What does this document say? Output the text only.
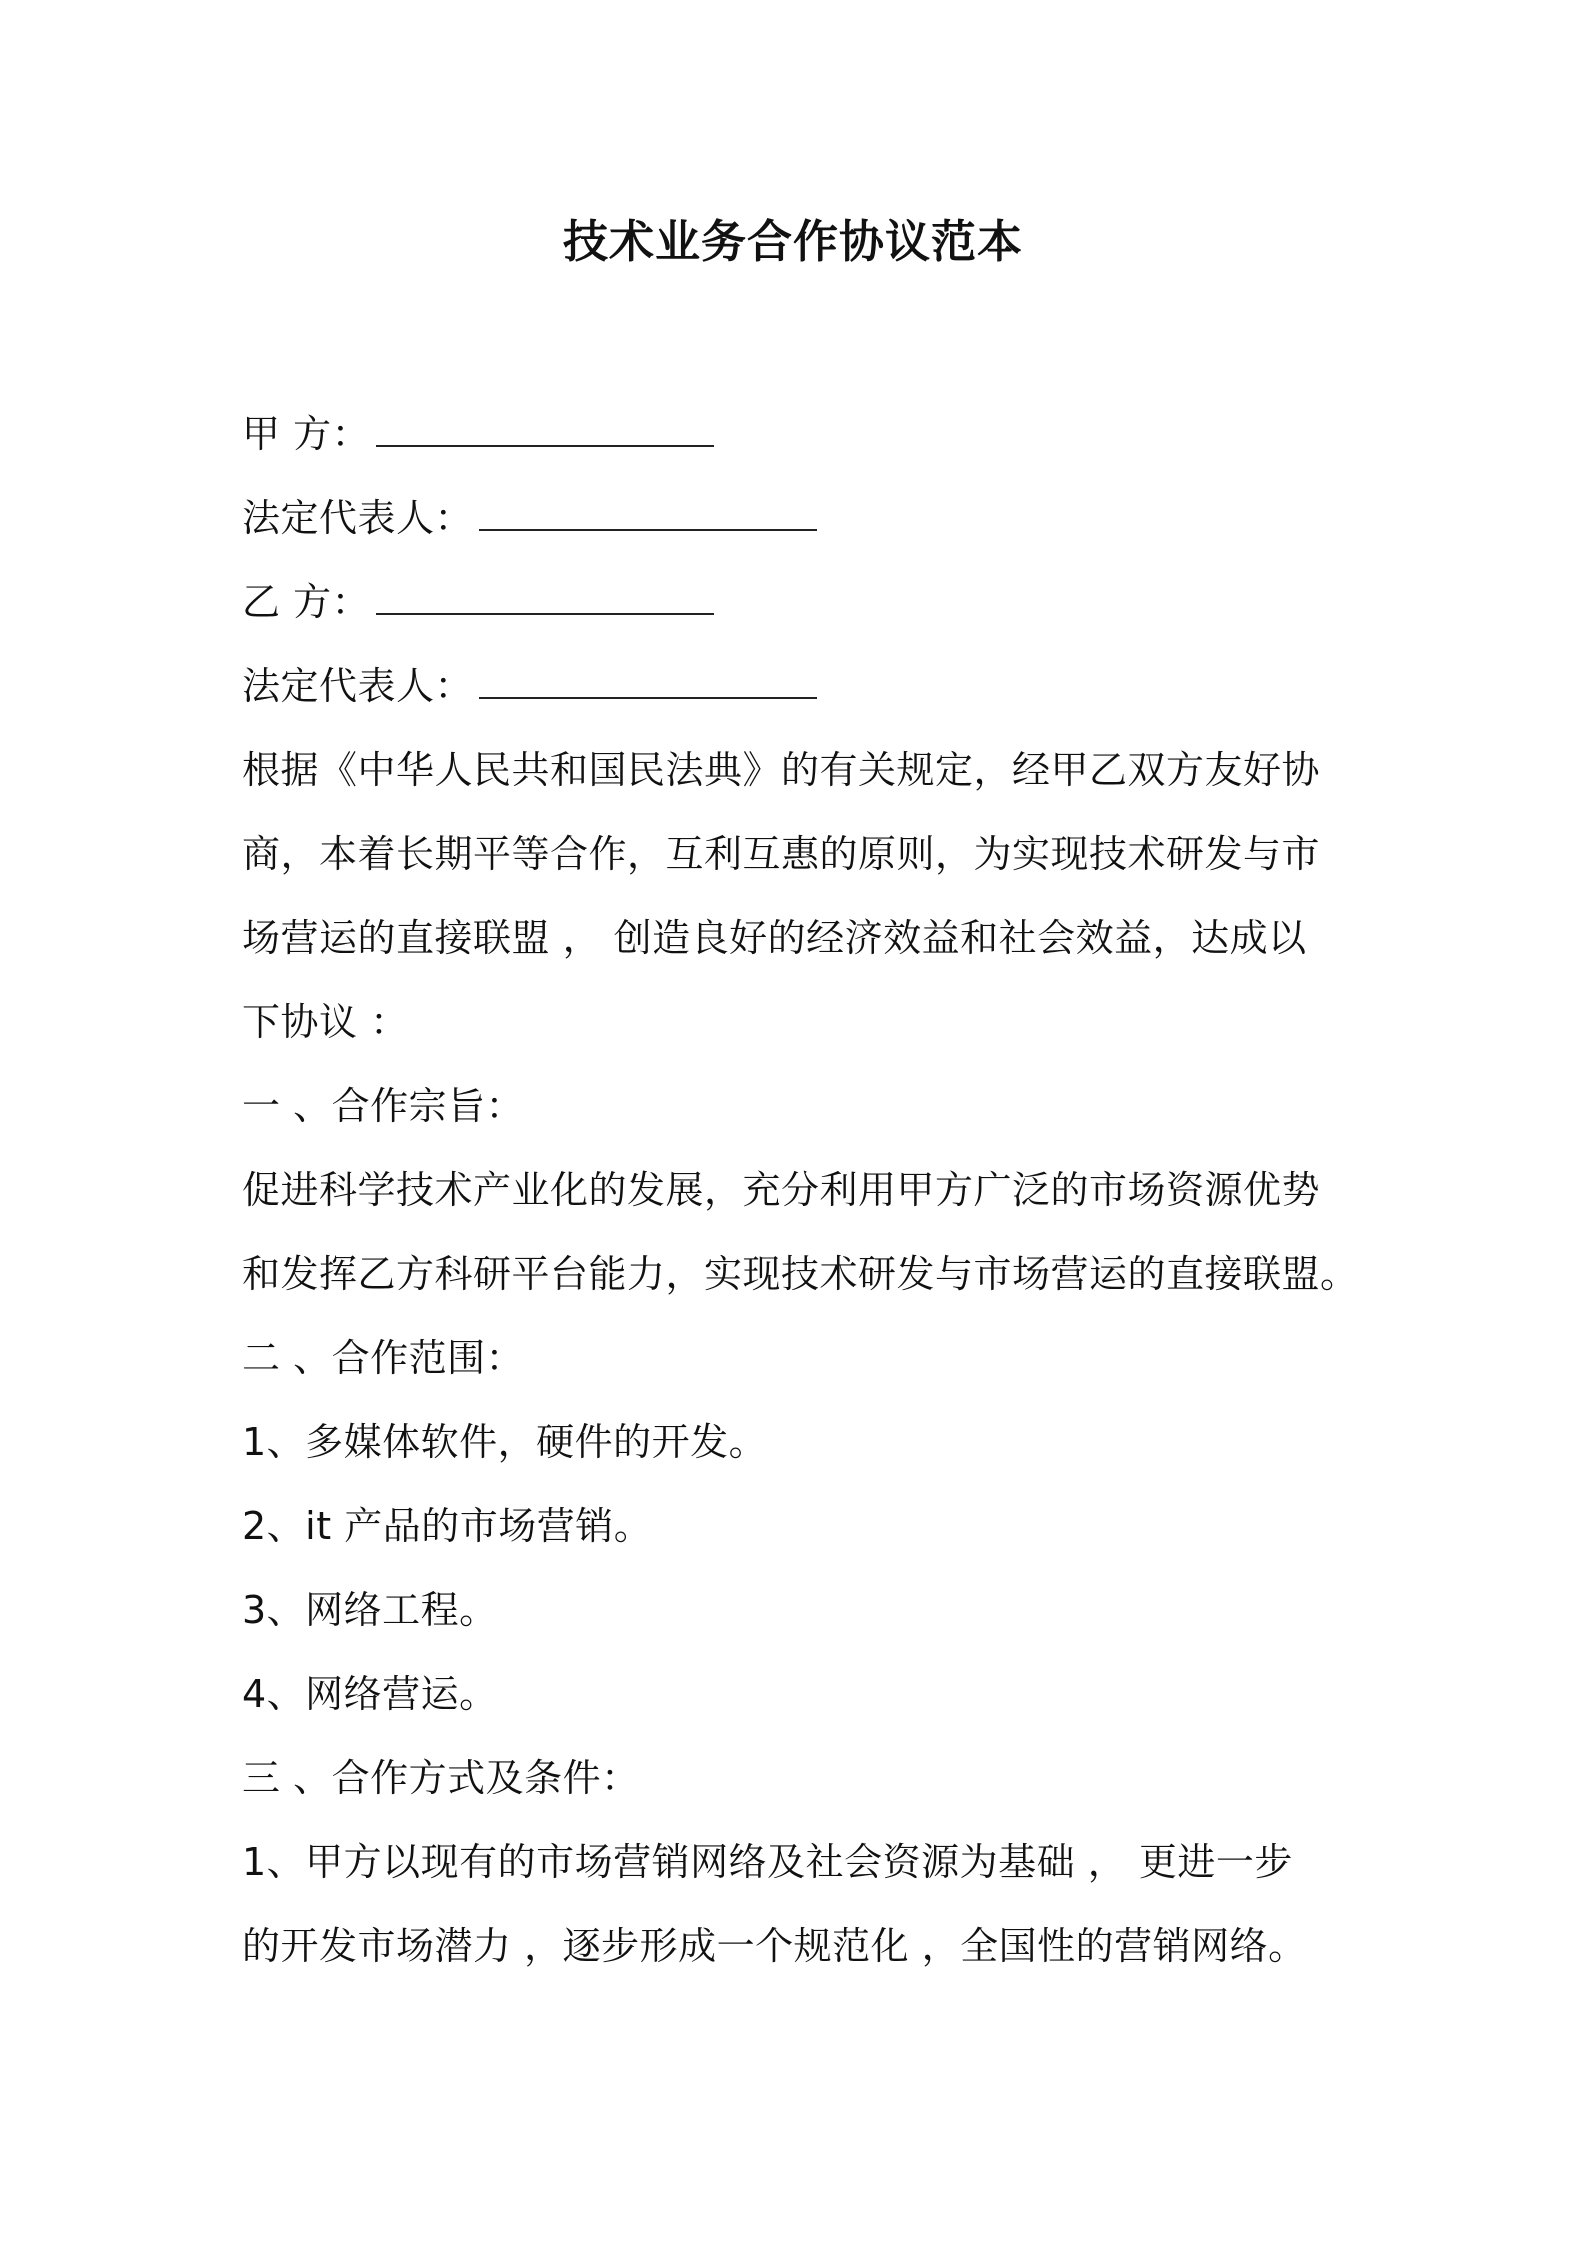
技术业务合作协议范本
甲 方：
法定代表人：
乙 方：
法定代表人：
根据《中华人民共和国民法典》的有关规定，经甲乙双方友好协
商，本着长期平等合作，互利互惠的原则，为实现技术研发与市
场营运的直接联盟 ， 创造良好的经济效益和社会效益，达成以
下协议 ：
一 、合作宗旨：
促进科学技术产业化的发展，充分利用甲方广泛的市场资源优势
和发挥乙方科研平台能力，实现技术研发与市场营运的直接联盟。
二 、合作范围：
1、多媒体软件，硬件的开发。
2、it 产品的市场营销。
3、网络工程。
4、网络营运。
三 、合作方式及条件：
1、甲方以现有的市场营销网络及社会资源为基础 ， 更进一步
的开发市场潜力 ，逐步形成一个规范化 ，全国性的营销网络。
